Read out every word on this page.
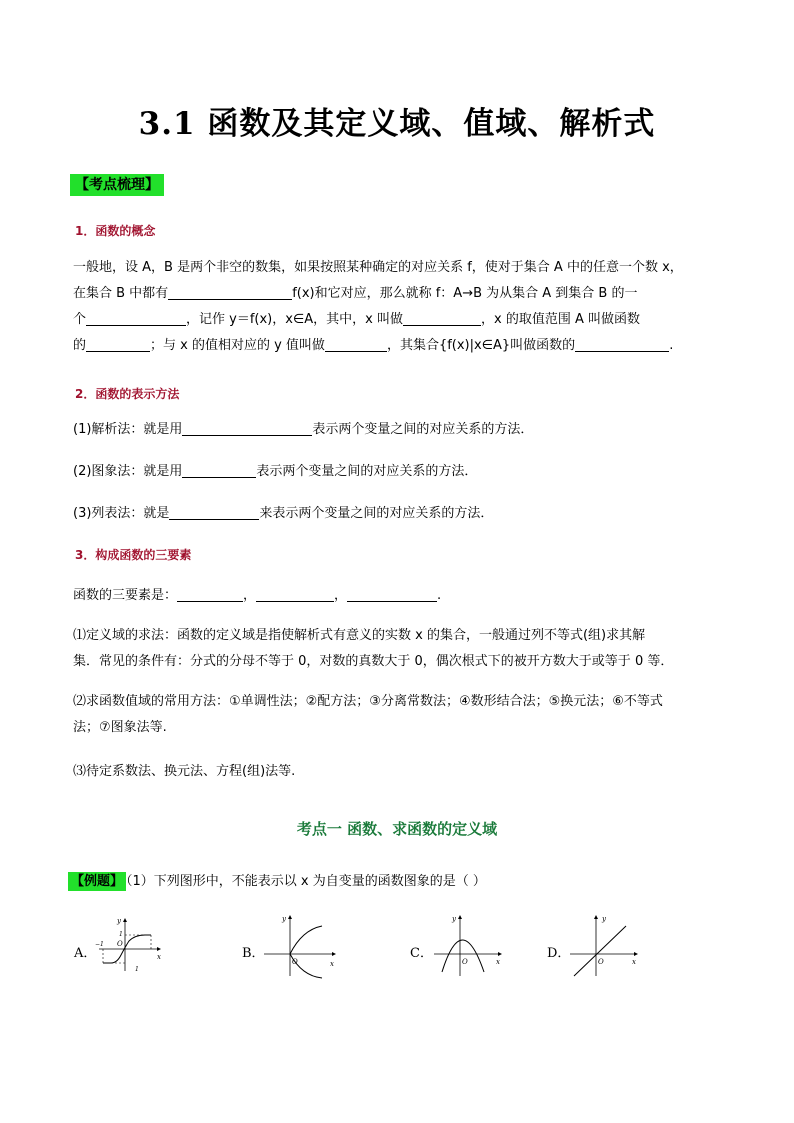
3.1 函数及其定义域、值域、解析式
【考点梳理】
1．函数的概念
一般地，设 A，B 是两个非空的数集，如果按照某种确定的对应关系 f，使对于集合 A 中的任意一个数 x，
在集合 B 中都有	f(x)和它对应，那么就称 f：A→B 为从集合 A 到集合 B 的一
个	，记作 y＝f(x)，x∈A，其中，x 叫做	，x 的取值范围 A 叫做函数
的	；与 x 的值相对应的 y 值叫做	，其集合{f(x)|x∈A}叫做函数的	.
2．函数的表示方法
(1)解析法：就是用	表示两个变量之间的对应关系的方法．
(2)图象法：就是用	表示两个变量之间的对应关系的方法．
(3)列表法：就是	来表示两个变量之间的对应关系的方法．
3．构成函数的三要素
函数的三要素是：	，	，	.
⑴定义域的求法：函数的定义域是指使解析式有意义的实数 x 的集合，一般通过列不等式(组)求其解
集．常见的条件有：分式的分母不等于 0，对数的真数大于 0，偶次根式下的被开方数大于或等于 0 等．
⑵求函数值域的常用方法：①单调性法；②配方法；③分离常数法；④数形结合法；⑤换元法；⑥不等式
法；⑦图象法等.
⑶待定系数法、换元法、方程(组)法等.
考点一 函数、求函数的定义域
【例题】 （1）下列图形中，不能表示以 x 为自变量的函数图象的是（ ）
A．
y
x
O
−1
1
1
B．
y
x
O
C．
y
x
O
D．
y
x
O
